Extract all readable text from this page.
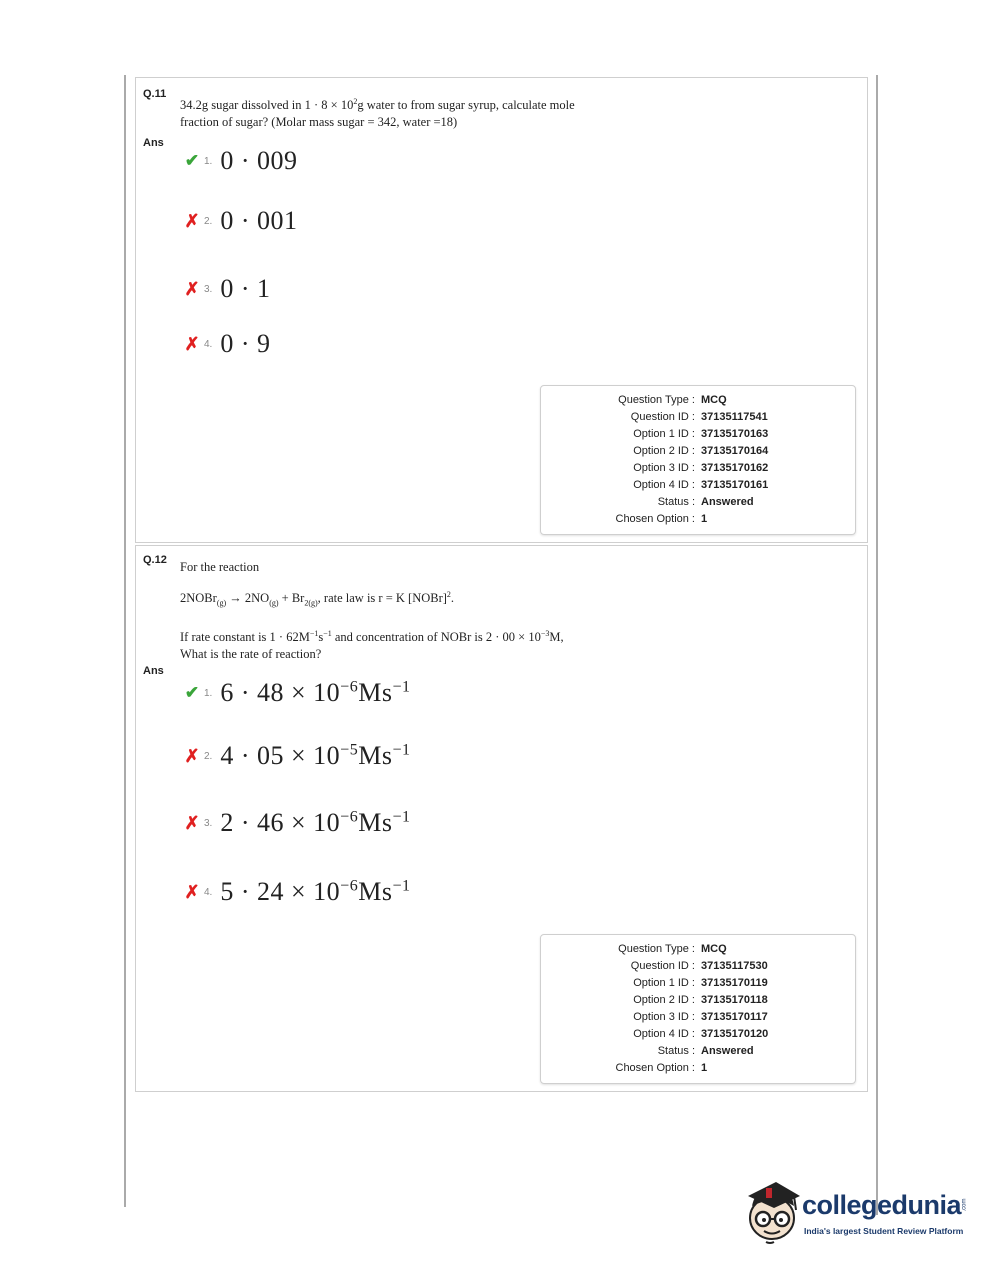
Q.11
34.2g sugar dissolved in $1 \cdot 8 \times 10^2g$ water to from sugar syrup, calculate mole
fraction of sugar? (Molar mass sugar = 342, water =18)
Ans
✔ 1. 0 · 009
✗ 2. 0 · 001
✗ 3. 0 · 1
✗ 4. 0 · 9
Question Type : MCQ
Question ID : 37135117541
Option 1 ID : 37135170163
Option 2 ID : 37135170164
Option 3 ID : 37135170162
Option 4 ID : 37135170161
Status : Answered
Chosen Option : 1
Q.12 For the reaction
2NOBr$_{(g)}$ → $2NO_{(g)} + Br_{2(g)}$, rate law is r = K [NOBr]$^2$.
If rate constant is $1 \cdot 62M^{-1}s^{-1}$ and concentration of NOBr is $2 \cdot 00 \times 10^{-3}M$,
What is the rate of reaction?
Ans
✔ 1. $6 \cdot 48 \times 10^{-6}Ms^{-1}$
✗ 2. $4 \cdot 05 \times 10^{-5}Ms^{-1}$
✗ 3. $2 \cdot 46 \times 10^{-6}Ms^{-1}$
✗ 4. $5 \cdot 24 \times 10^{-6}Ms^{-1}$
Question Type : MCQ
Question ID : 37135117530
Option 1 ID : 37135170119
Option 2 ID : 37135170118
Option 3 ID : 37135170117
Option 4 ID : 37135170120
Status : Answered
Chosen Option : 1
collegedunia .com
India's largest Student Review Platform
